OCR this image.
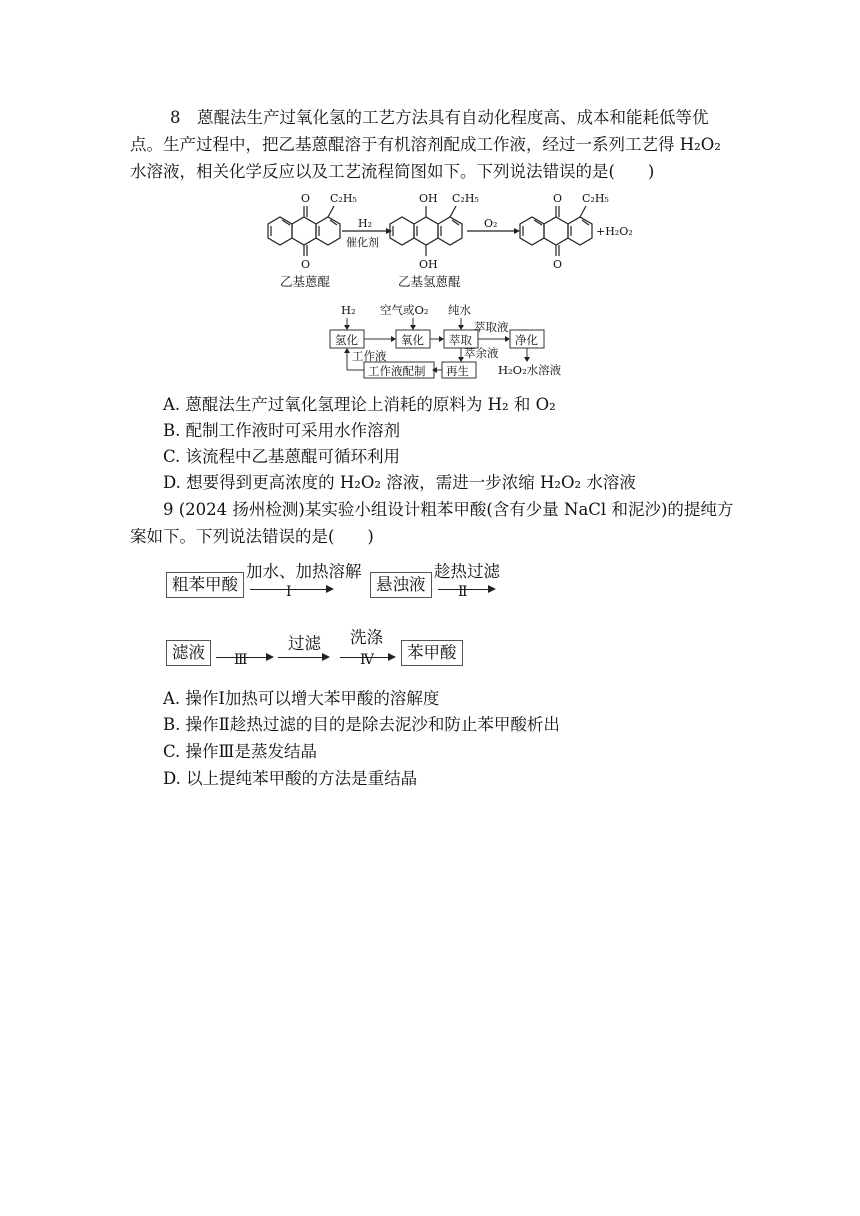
8　蒽醌法生产过氧化氢的工艺方法具有自动化程度高、成本和能耗低等优
点。生产过程中，把乙基蒽醌溶于有机溶剂配成工作液，经过一系列工艺得 H₂O₂
水溶液，相关化学反应以及工艺流程简图如下。下列说法错误的是(　　)
O
O
C₂H₅	OH
OH
C₂H₅	O
O
C₂H₅
H₂
催化剂
O₂
+H₂O₂
乙基蒽醌	乙基氢蒽醌
H₂ 空气或O₂ 纯水
氢化	氧化 萃取	净化
萃取液
萃余液
工作液
工作液配制 再生	H₂O₂水溶液
A. 蒽醌法生产过氧化氢理论上消耗的原料为 H₂ 和 O₂
B. 配制工作液时可采用水作溶剂
C. 该流程中乙基蒽醌可循环利用
D. 想要得到更高浓度的 H₂O₂ 溶液，需进一步浓缩 H₂O₂ 水溶液
9 (2024 扬州检测)某实验小组设计粗苯甲酸(含有少量 NaCl 和泥沙)的提纯方
案如下。下列说法错误的是(　　)
粗苯甲酸
加水、加热溶解
Ⅰ	悬浊液
趁热过滤
Ⅱ
滤液	Ⅲ
过滤 洗涤
Ⅳ	苯甲酸
A. 操作Ⅰ加热可以增大苯甲酸的溶解度
B. 操作Ⅱ趁热过滤的目的是除去泥沙和防止苯甲酸析出
C. 操作Ⅲ是蒸发结晶
D. 以上提纯苯甲酸的方法是重结晶
